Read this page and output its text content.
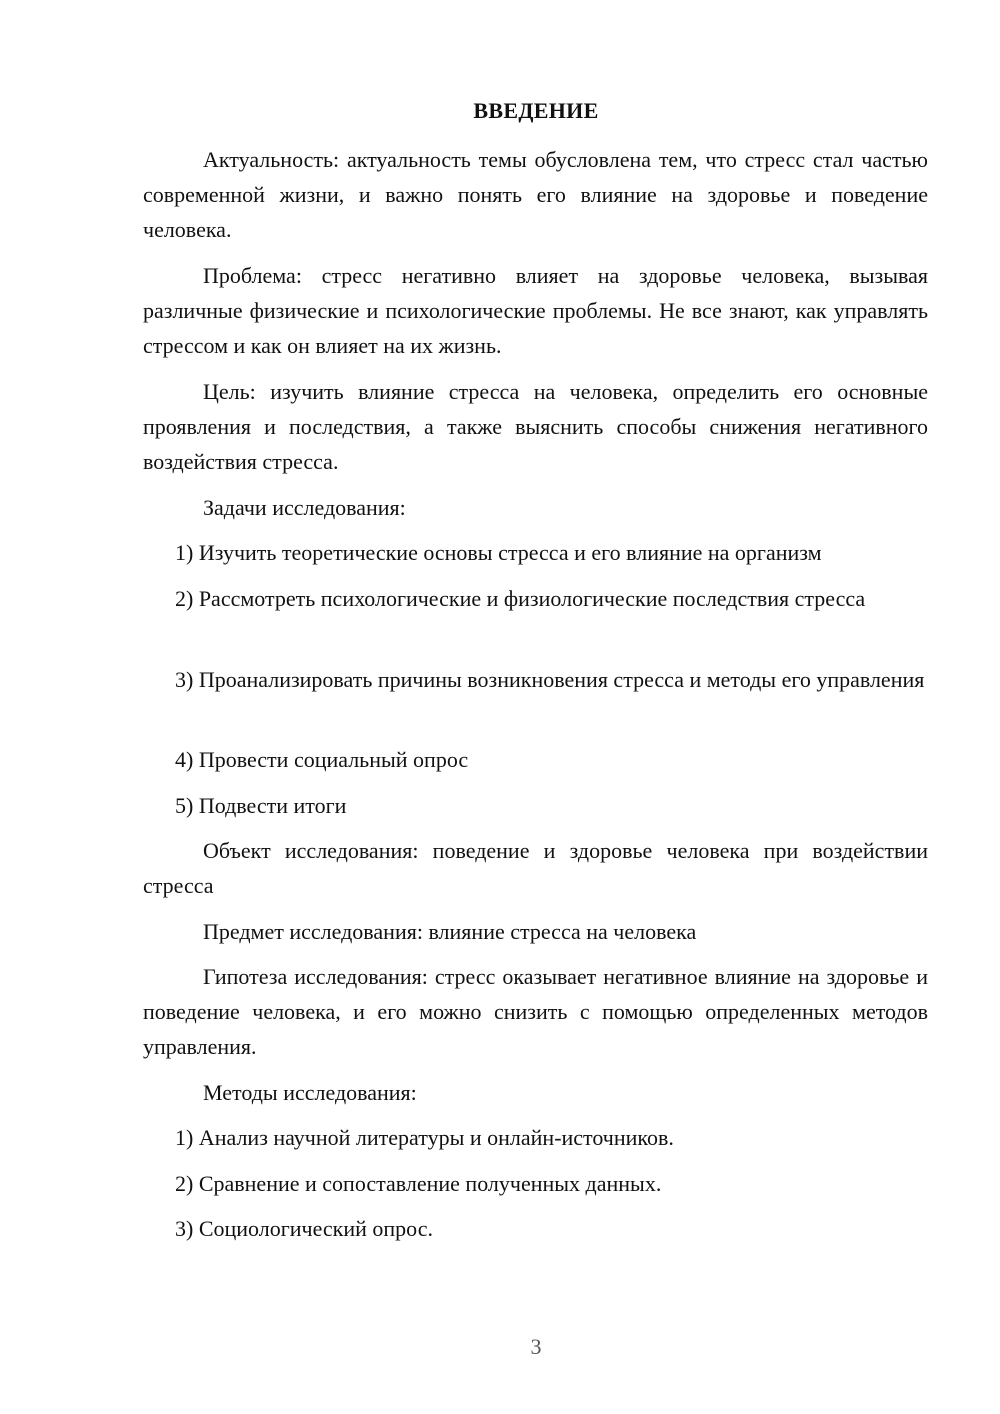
ВВЕДЕНИЕ
Актуальность: актуальность темы обусловлена тем, что стресс стал частью современной жизни, и важно понять его влияние на здоровье и поведение человека.
Проблема: стресс негативно влияет на здоровье человека, вызывая различные физические и психологические проблемы. Не все знают, как управлять стрессом и как он влияет на их жизнь.
Цель: изучить влияние стресса на человека, определить его основные проявления и последствия, а также выяснить способы снижения негативного воздействия стресса.
Задачи исследования:
1) Изучить теоретические основы стресса и его влияние на организм
2) Рассмотреть психологические и физиологические последствия стресса
3) Проанализировать причины возникновения стресса и методы его управления
4) Провести социальный опрос
5) Подвести итоги
Объект исследования: поведение и здоровье человека при воздействии стресса
Предмет исследования: влияние стресса на человека
Гипотеза исследования: стресс оказывает негативное влияние на здоровье и поведение человека, и его можно снизить с помощью определенных методов управления.
Методы исследования:
1) Анализ научной литературы и онлайн-источников.
2) Сравнение и сопоставление полученных данных.
3) Социологический опрос.
3
